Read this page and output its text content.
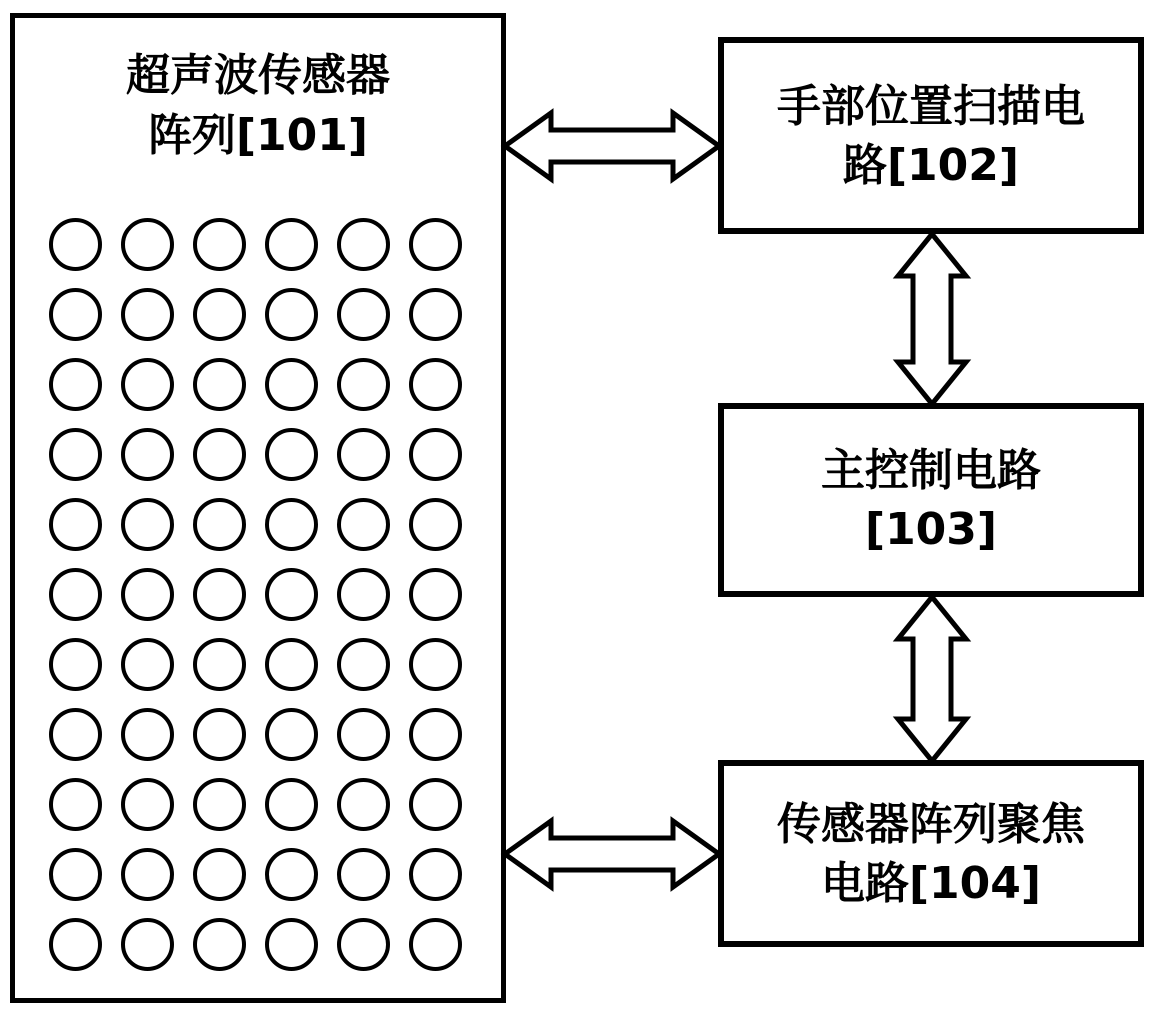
超声波传感器
阵列[101]
手部位置扫描电
路[102]
主控制电路
[103]
传感器阵列聚焦
电路[104]
